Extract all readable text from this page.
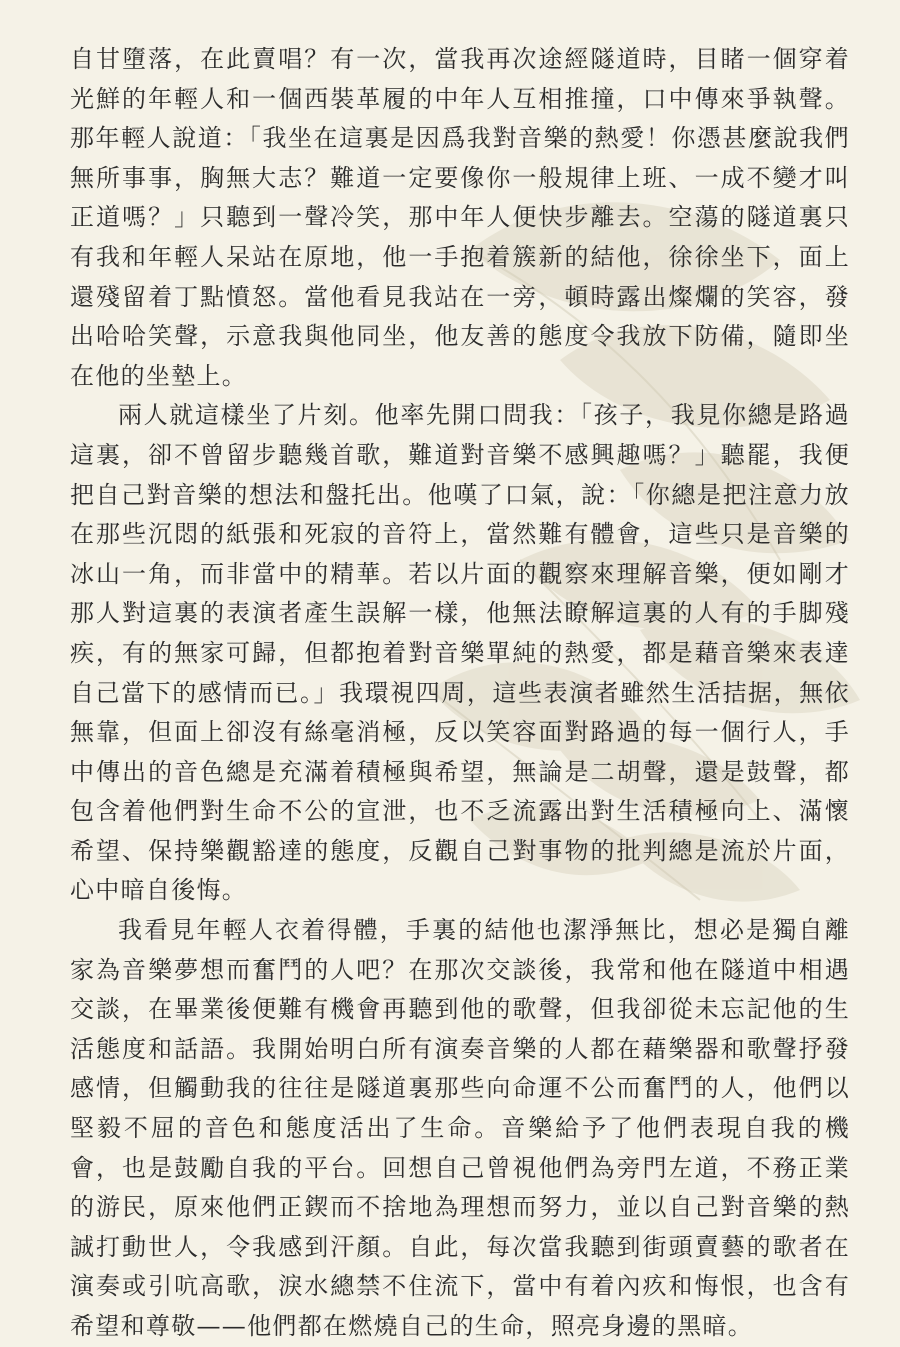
自甘墮落，在此賣唱？有一次，當我再次途經隧道時，目睹一個穿着光鮮的年輕人和一個西裝革履的中年人互相推撞，口中傳來爭執聲。那年輕人說道：「我坐在這裏是因爲我對音樂的熱愛！你憑甚麼說我們無所事事，胸無大志？難道一定要像你一般規律上班、一成不變才叫正道嗎？」只聽到一聲冷笑，那中年人便快步離去。空蕩的隧道裏只有我和年輕人呆站在原地，他一手抱着簇新的結他，徐徐坐下，面上還殘留着丁點憤怒。當他看見我站在一旁，頓時露出燦爛的笑容，發出哈哈笑聲，示意我與他同坐，他友善的態度令我放下防備，隨即坐在他的坐墊上。

兩人就這樣坐了片刻。他率先開口問我：「孩子，我見你總是路過這裏，卻不曾留步聽幾首歌，難道對音樂不感興趣嗎？」聽罷，我便把自己對音樂的想法和盤托出。他嘆了口氣，說：「你總是把注意力放在那些沉悶的紙張和死寂的音符上，當然難有體會，這些只是音樂的冰山一角，而非當中的精華。若以片面的觀察來理解音樂，便如剛才那人對這裏的表演者產生誤解一樣，他無法瞭解這裏的人有的手脚殘疾，有的無家可歸，但都抱着對音樂單純的熱愛，都是藉音樂來表達自己當下的感情而已。」我環視四周，這些表演者雖然生活拮据，無依無靠，但面上卻沒有絲毫消極，反以笑容面對路過的每一個行人，手中傳出的音色總是充滿着積極與希望，無論是二胡聲，還是鼓聲，都包含着他們對生命不公的宣泄，也不乏流露出對生活積極向上、滿懷希望、保持樂觀豁達的態度，反觀自己對事物的批判總是流於片面，心中暗自後悔。

我看見年輕人衣着得體，手裏的結他也潔淨無比，想必是獨自離家為音樂夢想而奮鬥的人吧？在那次交談後，我常和他在隧道中相遇交談，在畢業後便難有機會再聽到他的歌聲，但我卻從未忘記他的生活態度和話語。我開始明白所有演奏音樂的人都在藉樂器和歌聲抒發感情，但觸動我的往往是隧道裏那些向命運不公而奮鬥的人，他們以堅毅不屈的音色和態度活出了生命。音樂給予了他們表現自我的機會，也是鼓勵自我的平台。回想自己曾視他們為旁門左道，不務正業的游民，原來他們正鍥而不捨地為理想而努力，並以自己對音樂的熱誠打動世人，令我感到汗顏。自此，每次當我聽到街頭賣藝的歌者在演奏或引吭高歌，淚水總禁不住流下，當中有着內疚和悔恨，也含有希望和尊敬——他們都在燃燒自己的生命，照亮身邊的黑暗。
